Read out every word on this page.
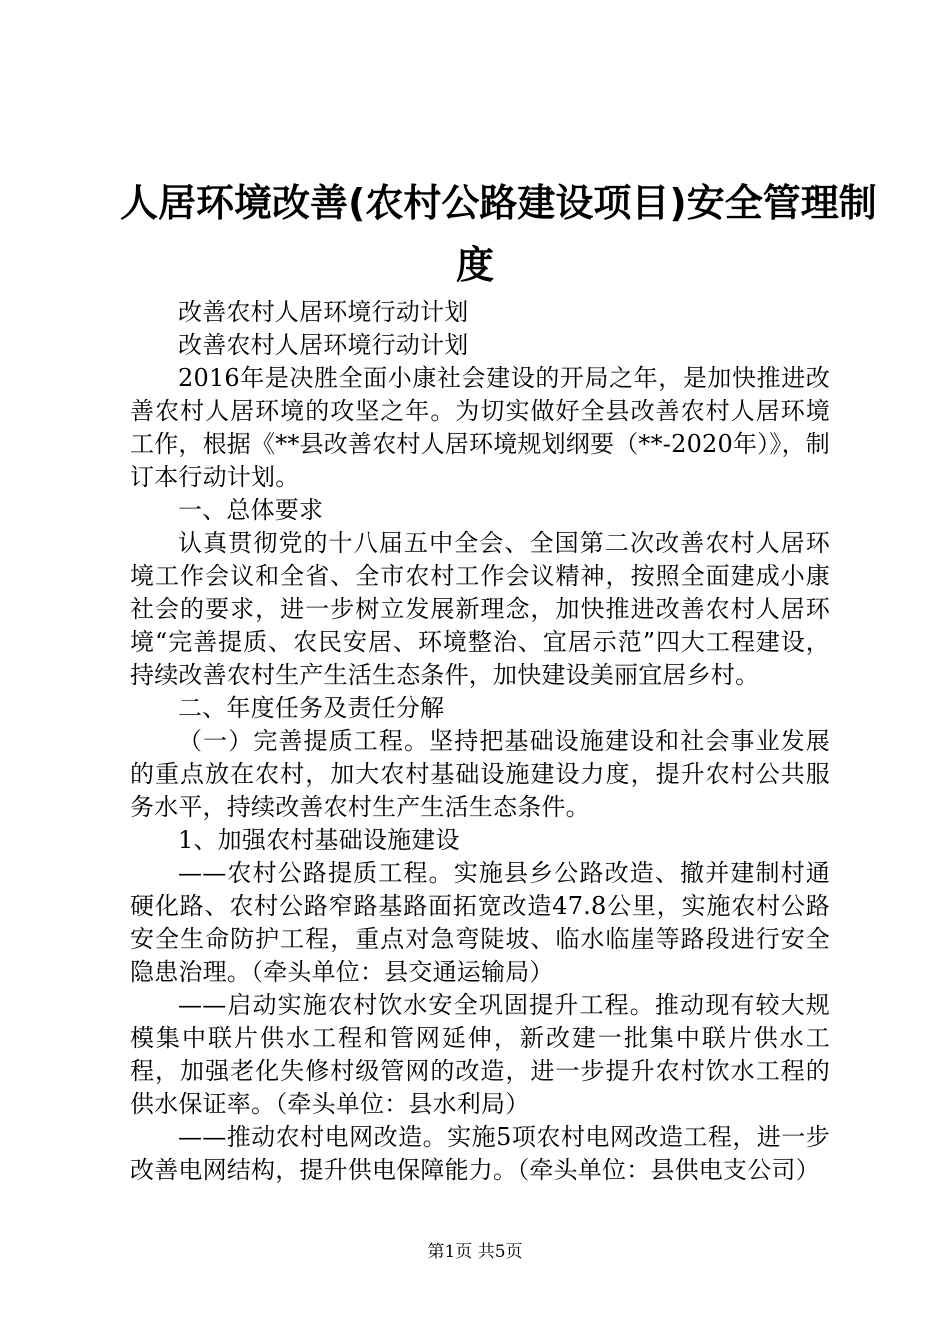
人居环境改善(农村公路建设项目)安全管理制
度

改善农村人居环境行动计划

改善农村人居环境行动计划

2016年是决胜全面小康社会建设的开局之年，是加快推进改善农村人居环境的攻坚之年。为切实做好全县改善农村人居环境工作，根据《**县改善农村人居环境规划纲要（**-2020年）》，制订本行动计划。

一、总体要求

认真贯彻党的十八届五中全会、全国第二次改善农村人居环境工作会议和全省、全市农村工作会议精神，按照全面建成小康社会的要求，进一步树立发展新理念，加快推进改善农村人居环境“完善提质、农民安居、环境整治、宜居示范”四大工程建设，持续改善农村生产生活生态条件，加快建设美丽宜居乡村。

二、年度任务及责任分解

（一）完善提质工程。坚持把基础设施建设和社会事业发展的重点放在农村，加大农村基础设施建设力度，提升农村公共服务水平，持续改善农村生产生活生态条件。

1、加强农村基础设施建设

——农村公路提质工程。实施县乡公路改造、撤并建制村通硬化路、农村公路窄路基路面拓宽改造47.8公里，实施农村公路安全生命防护工程，重点对急弯陡坡、临水临崖等路段进行安全隐患治理。（牵头单位：县交通运输局）

——启动实施农村饮水安全巩固提升工程。推动现有较大规模集中联片供水工程和管网延伸，新改建一批集中联片供水工程，加强老化失修村级管网的改造，进一步提升农村饮水工程的供水保证率。（牵头单位：县水利局）

——推动农村电网改造。实施5项农村电网改造工程，进一步改善电网结构，提升供电保障能力。（牵头单位：县供电支公司）

第1页 共5页
